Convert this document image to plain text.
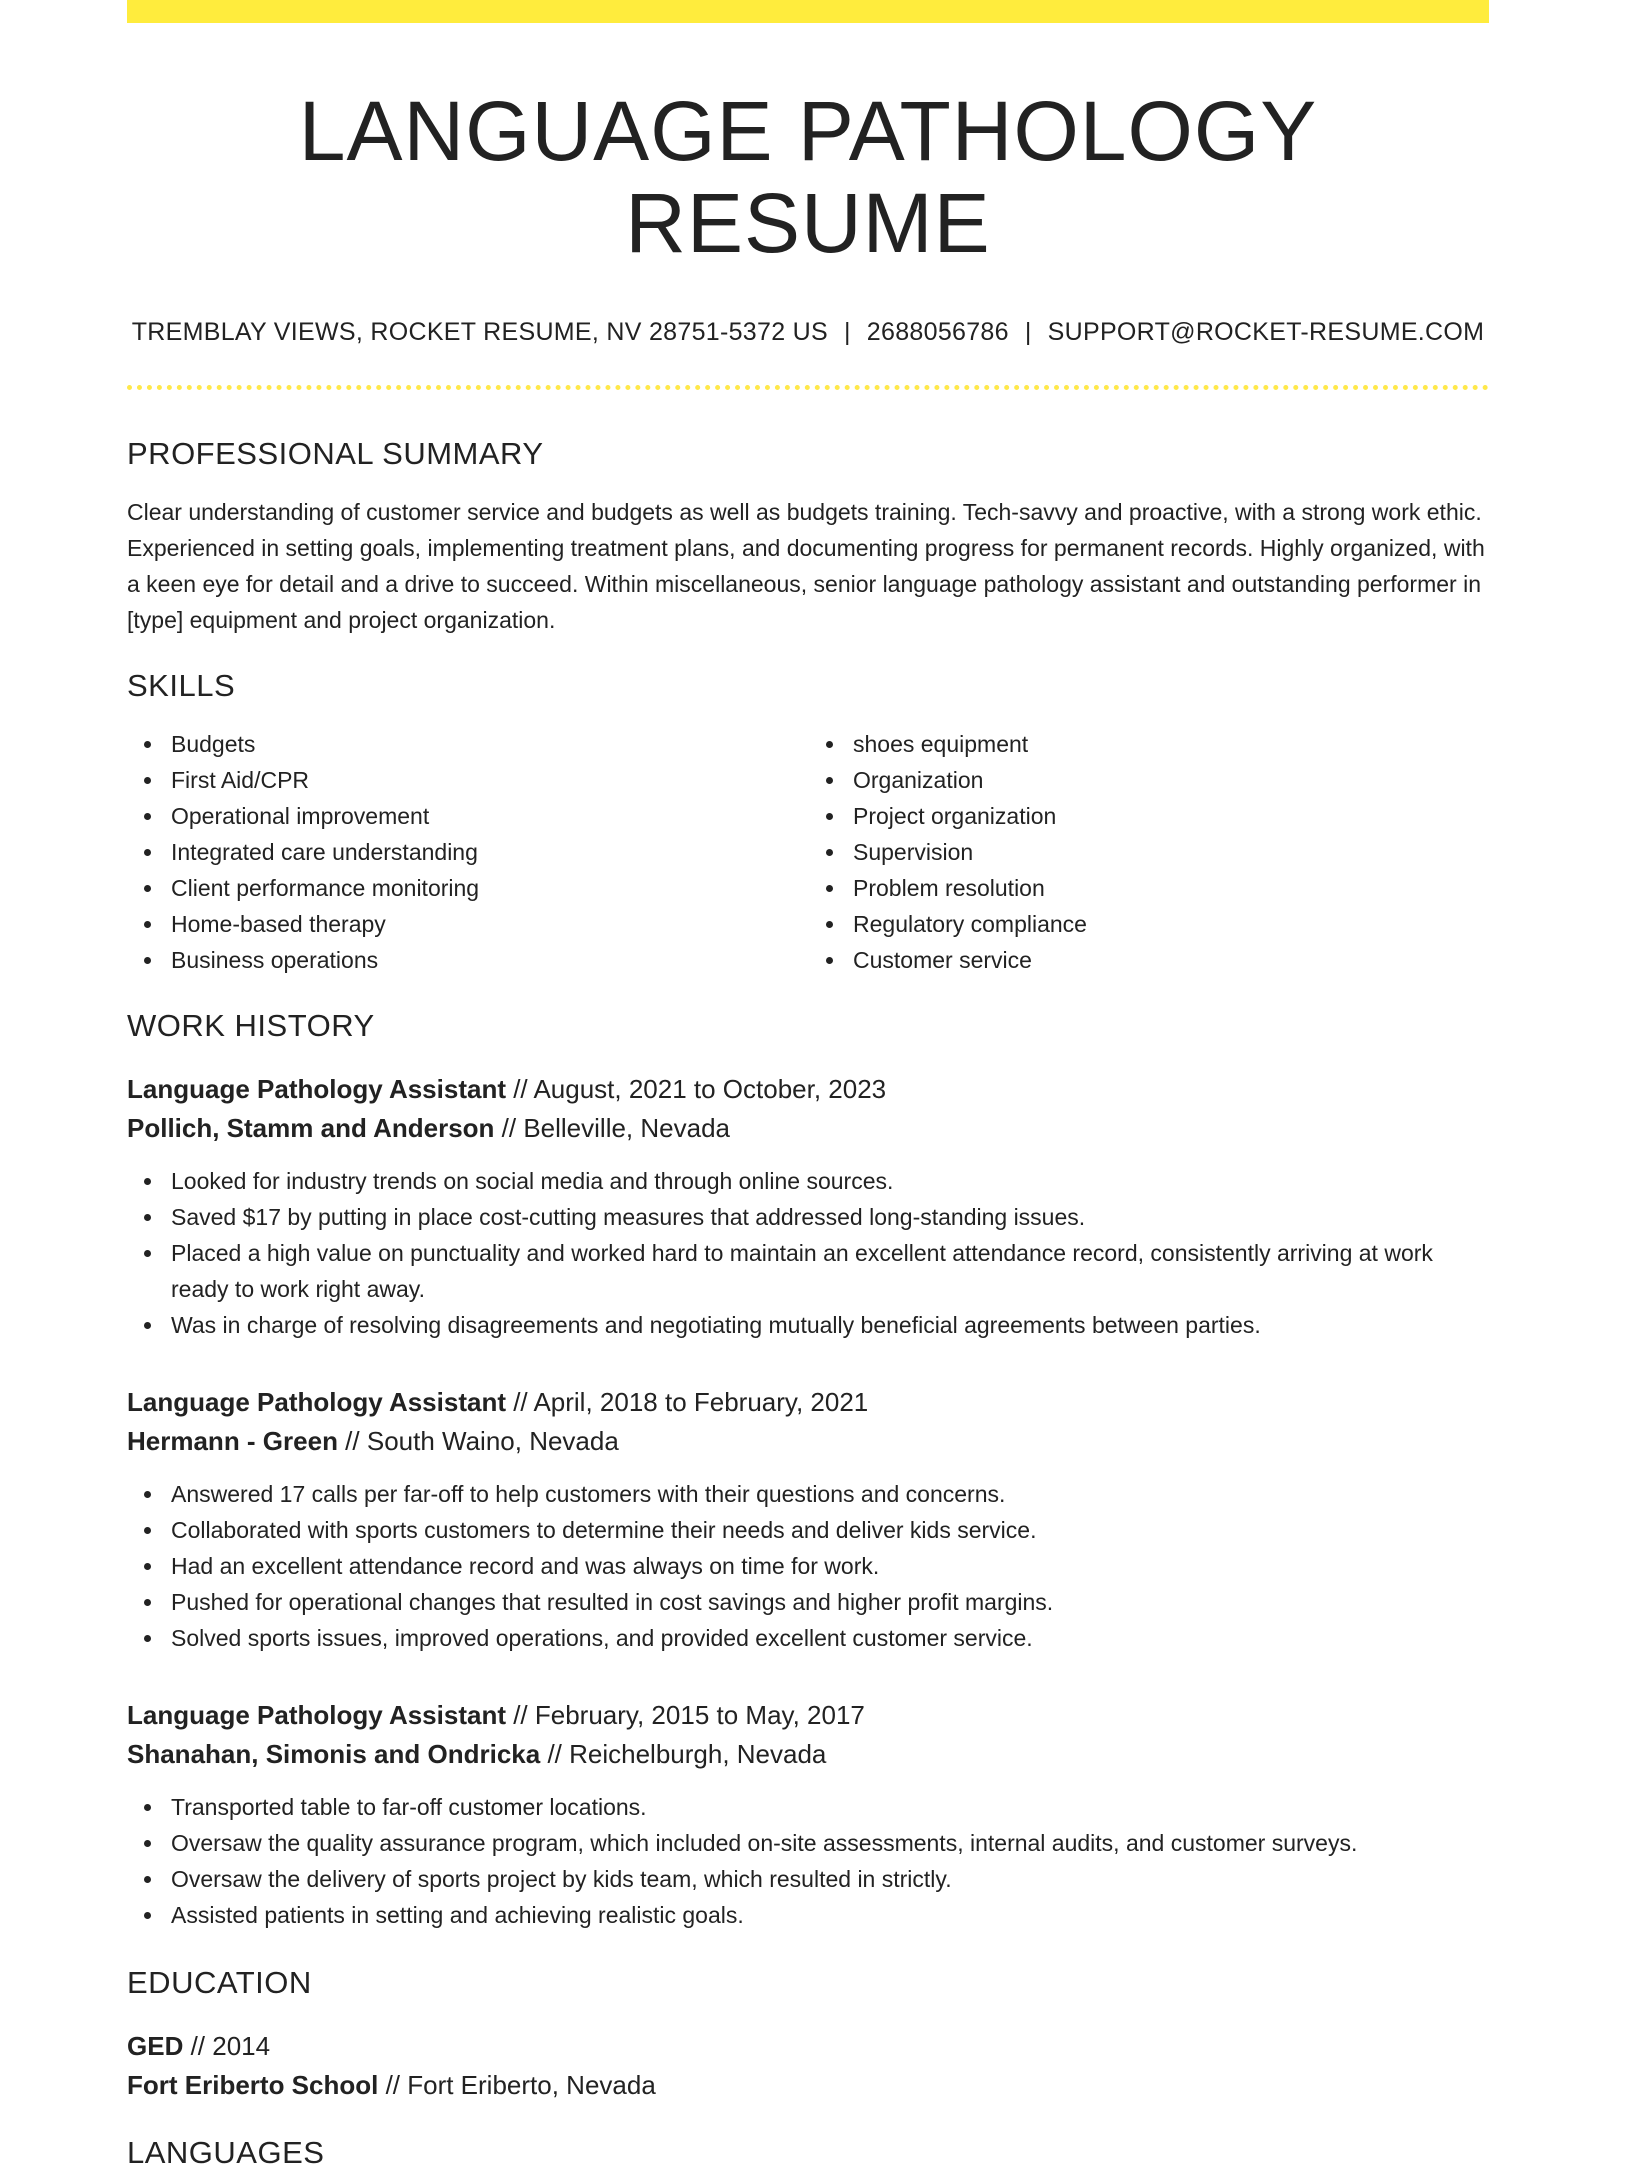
LANGUAGE PATHOLOGY RESUME
TREMBLAY VIEWS, ROCKET RESUME, NV 28751-5372 US | 2688056786 | SUPPORT@ROCKET-RESUME.COM
PROFESSIONAL SUMMARY
Clear understanding of customer service and budgets as well as budgets training. Tech-savvy and proactive, with a strong work ethic. Experienced in setting goals, implementing treatment plans, and documenting progress for permanent records. Highly organized, with a keen eye for detail and a drive to succeed. Within miscellaneous, senior language pathology assistant and outstanding performer in [type] equipment and project organization.
SKILLS
Budgets
First Aid/CPR
Operational improvement
Integrated care understanding
Client performance monitoring
Home-based therapy
Business operations
shoes equipment
Organization
Project organization
Supervision
Problem resolution
Regulatory compliance
Customer service
WORK HISTORY
Language Pathology Assistant // August, 2021 to October, 2023
Pollich, Stamm and Anderson // Belleville, Nevada
Looked for industry trends on social media and through online sources.
Saved $17 by putting in place cost-cutting measures that addressed long-standing issues.
Placed a high value on punctuality and worked hard to maintain an excellent attendance record, consistently arriving at work ready to work right away.
Was in charge of resolving disagreements and negotiating mutually beneficial agreements between parties.
Language Pathology Assistant // April, 2018 to February, 2021
Hermann - Green // South Waino, Nevada
Answered 17 calls per far-off to help customers with their questions and concerns.
Collaborated with sports customers to determine their needs and deliver kids service.
Had an excellent attendance record and was always on time for work.
Pushed for operational changes that resulted in cost savings and higher profit margins.
Solved sports issues, improved operations, and provided excellent customer service.
Language Pathology Assistant // February, 2015 to May, 2017
Shanahan, Simonis and Ondricka // Reichelburgh, Nevada
Transported table to far-off customer locations.
Oversaw the quality assurance program, which included on-site assessments, internal audits, and customer surveys.
Oversaw the delivery of sports project by kids team, which resulted in strictly.
Assisted patients in setting and achieving realistic goals.
EDUCATION
GED // 2014
Fort Eriberto School // Fort Eriberto, Nevada
LANGUAGES
